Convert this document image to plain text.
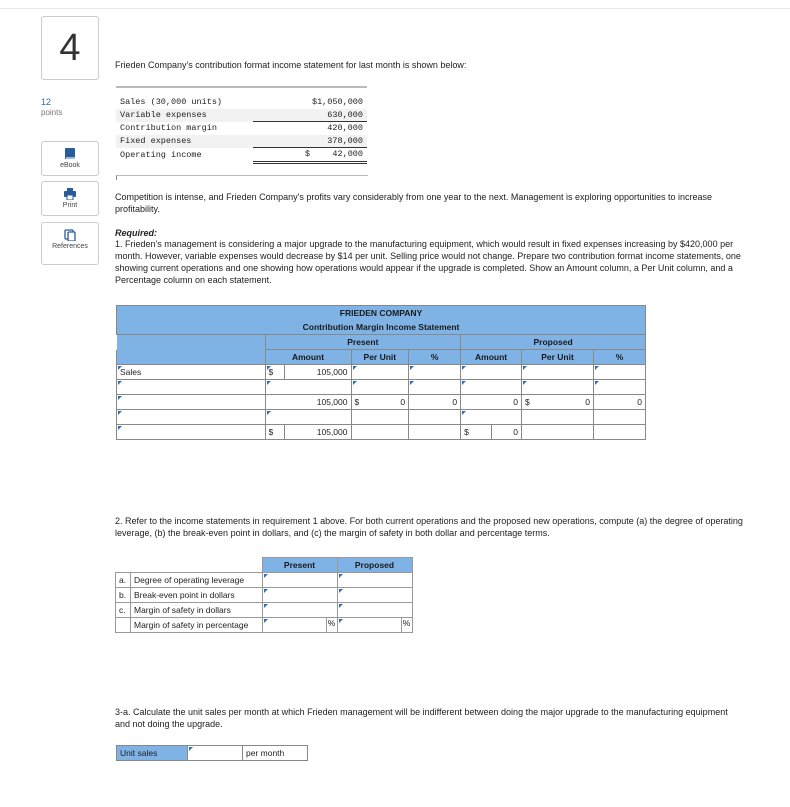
4
12
points
eBook
Print
References
Frieden Company's contribution format income statement for last month is shown below:
Sales (30,000 units)	$1,050,000
Variable expenses	630,000
Contribution margin	420,000
Fixed expenses	378,000
Operating income	$ 42,000
Competition is intense, and Frieden Company's profits vary considerably from one year to the next. Management is exploring opportunities to increase profitability.
Required:
1. Frieden's management is considering a major upgrade to the manufacturing equipment, which would result in fixed expenses increasing by $420,000 per month. However, variable expenses would decrease by $14 per unit. Selling price would not change. Prepare two contribution format income statements, one showing current operations and one showing how operations would appear if the upgrade is completed. Show an Amount column, a Per Unit column, and a Percentage column on each statement.
FRIEDEN COMPANY									
Contribution Margin Income Statement									
	Present					Proposed			
	Amount		Per Unit		%	Amount		Per Unit	%
Sales	$	105,000							

	105,000		$	0	0	0		$ 0	0

	$	105,000				$	0		
2. Refer to the income statements in requirement 1 above. For both current operations and the proposed new operations, compute (a) the degree of operating leverage, (b) the break-even point in dollars, and (c) the margin of safety in both dollar and percentage terms.
		Present	Proposed
a.	Degree of operating leverage		
b.	Break-even point in dollars		
c.	Margin of safety in dollars		
	Margin of safety in percentage	%	%
3-a. Calculate the unit sales per month at which Frieden management will be indifferent between doing the major upgrade to the manufacturing equipment and not doing the upgrade.
Unit sales		per month
